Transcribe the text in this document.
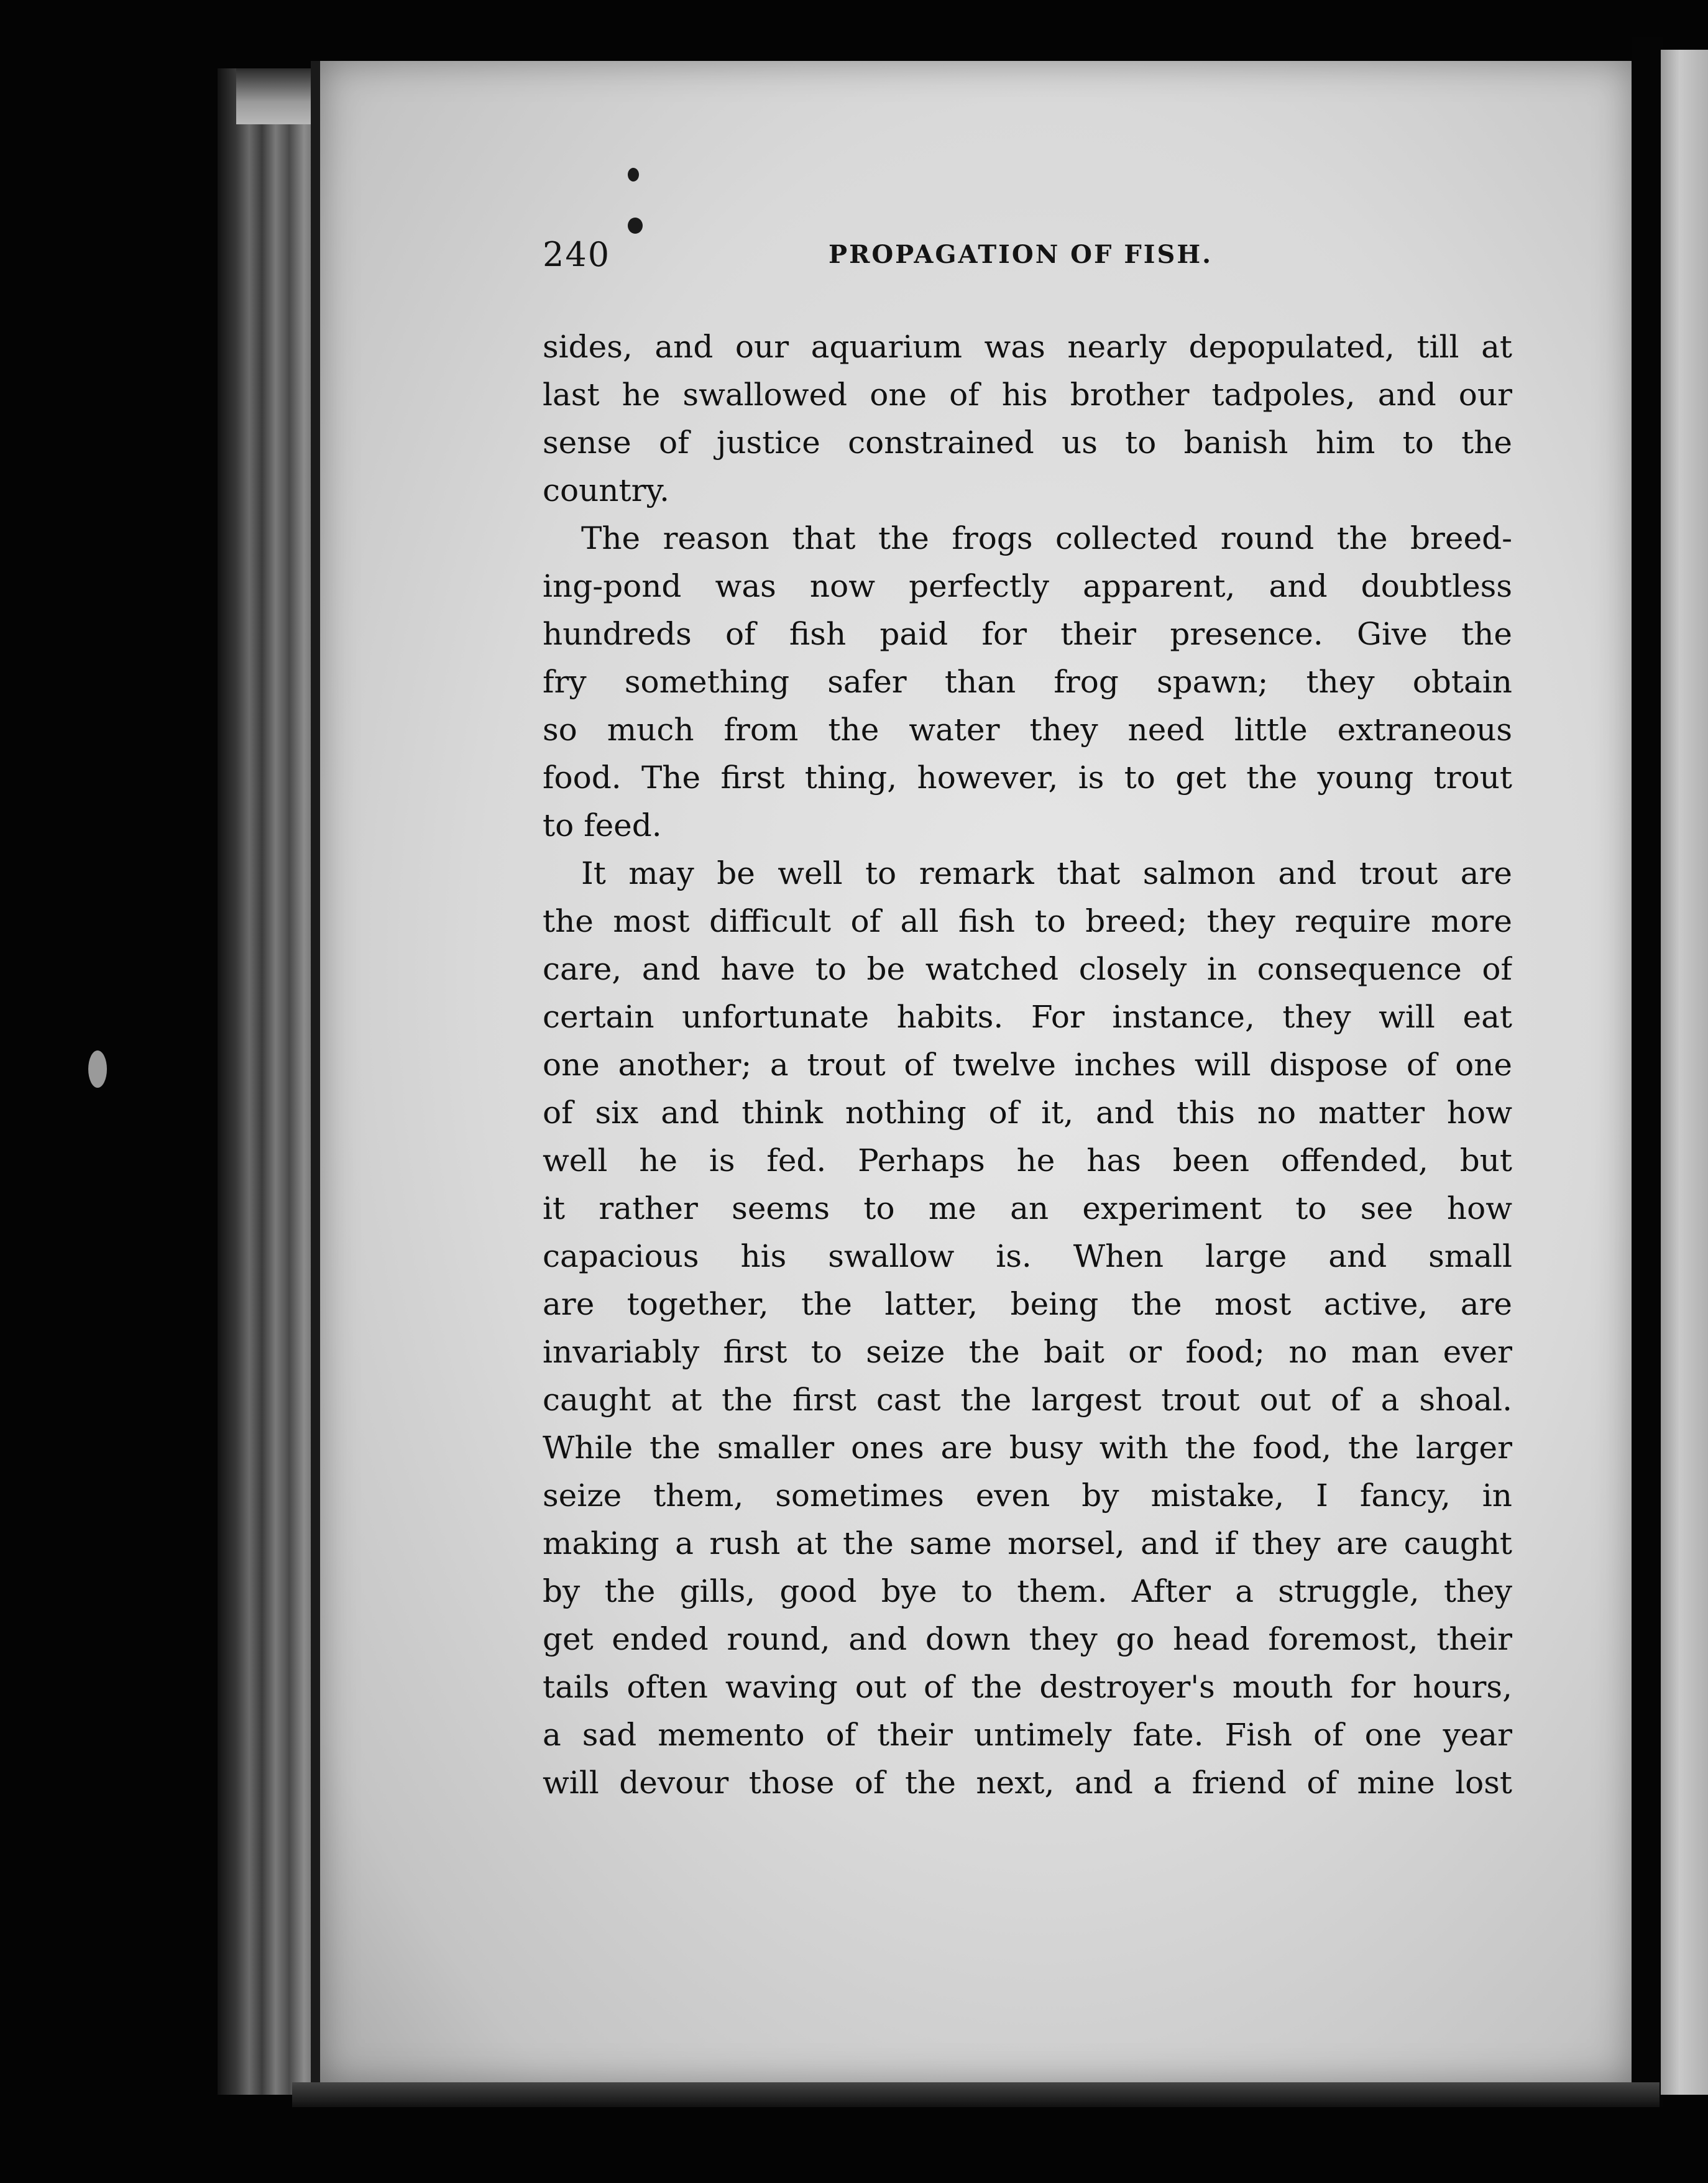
240	PROPAGATION OF FISH.
sides, and our aquarium was nearly depopulated, till at
last he swallowed one of his brother tadpoles, and our
sense of justice constrained us to banish him to the
country.
The reason that the frogs collected round the breed-
ing-pond was now perfectly apparent, and doubtless
hundreds of fish paid for their presence. Give the
fry something safer than frog spawn; they obtain
so much from the water they need little extraneous
food. The first thing, however, is to get the young trout
to feed.
It may be well to remark that salmon and trout are
the most difficult of all fish to breed; they require more
care, and have to be watched closely in consequence of
certain unfortunate habits. For instance, they will eat
one another; a trout of twelve inches will dispose of one
of six and think nothing of it, and this no matter how
well he is fed. Perhaps he has been offended, but
it rather seems to me an experiment to see how
capacious his swallow is. When large and small
are together, the latter, being the most active, are
invariably first to seize the bait or food; no man ever
caught at the first cast the largest trout out of a shoal.
While the smaller ones are busy with the food, the larger
seize them, sometimes even by mistake, I fancy, in
making a rush at the same morsel, and if they are caught
by the gills, good bye to them. After a struggle, they
get ended round, and down they go head foremost, their
tails often waving out of the destroyer's mouth for hours,
a sad memento of their untimely fate. Fish of one year
will devour those of the next, and a friend of mine lost
